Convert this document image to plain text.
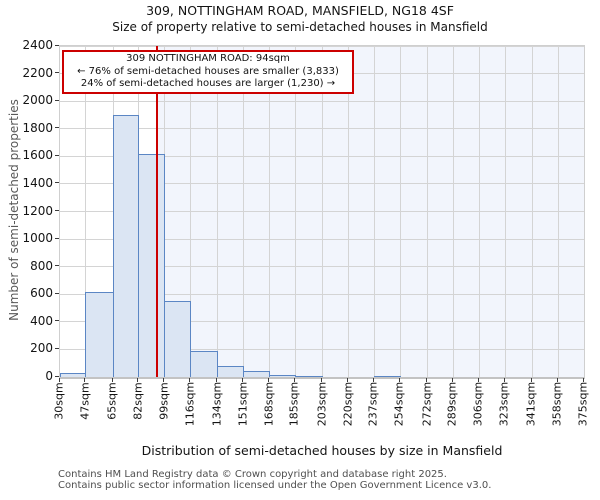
309, NOTTINGHAM ROAD, MANSFIELD, NG18 4SF
Size of property relative to semi-detached houses in Mansfield
309 NOTTINGHAM ROAD: 94sqm
← 76% of semi-detached houses are smaller (3,833)
24% of semi-detached houses are larger (1,230) →
Number of semi-detached properties
Distribution of semi-detached houses by size in Mansfield
0
200
400
600
800
1000
1200
1400
1600
1800
2000
2200
2400
30sqm 47sqm 65sqm 82sqm 99sqm 116sqm 134sqm 151sqm 168sqm 185sqm 203sqm 220sqm 237sqm 254sqm 272sqm 289sqm 306sqm 323sqm 341sqm 358sqm 375sqm
Contains HM Land Registry data © Crown copyright and database right 2025.
Contains public sector information licensed under the Open Government Licence v3.0.
